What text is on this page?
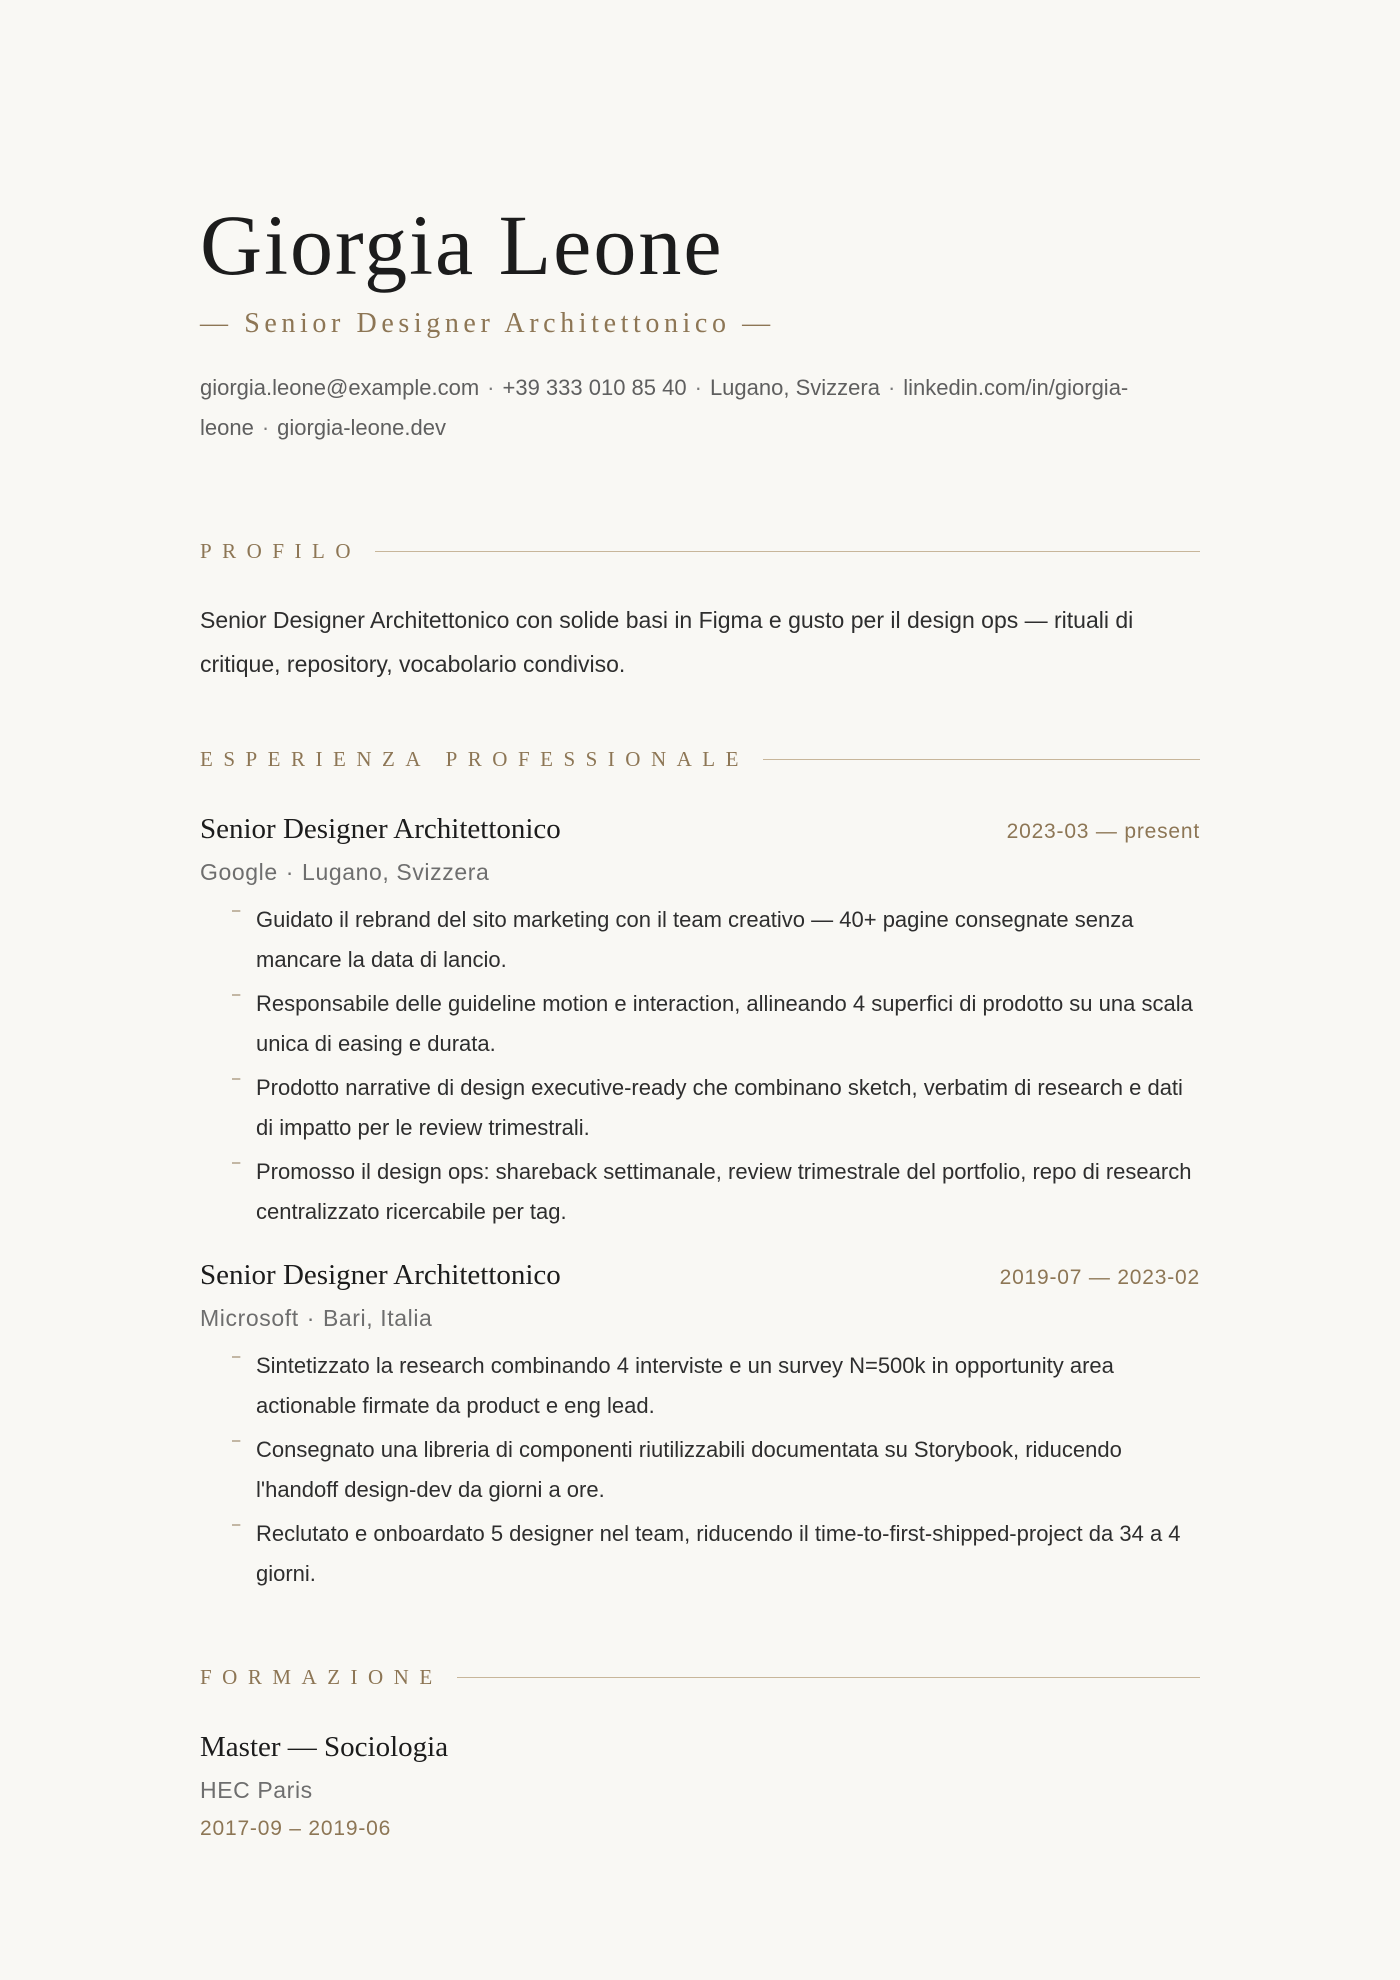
Giorgia Leone
— Senior Designer Architettonico —
giorgia.leone@example.com · +39 333 010 85 40 · Lugano, Svizzera · linkedin.com/in/giorgia-leone · giorgia-leone.dev
PROFILO

Senior Designer Architettonico con solide basi in Figma e gusto per il design ops — rituali di critique, repository, vocabolario condiviso.

ESPERIENZA PROFESSIONALE
Senior Designer Architettonico	2023-03 — present
Google · Lugano, Svizzera
– Guidato il rebrand del sito marketing con il team creativo — 40+ pagine consegnate senza mancare la data di lancio.
– Responsabile delle guideline motion e interaction, allineando 4 superfici di prodotto su una scala unica di easing e durata.
– Prodotto narrative di design executive-ready che combinano sketch, verbatim di research e dati di impatto per le review trimestrali.
– Promosso il design ops: shareback settimanale, review trimestrale del portfolio, repo di research centralizzato ricercabile per tag.
Senior Designer Architettonico	2019-07 — 2023-02
Microsoft · Bari, Italia
– Sintetizzato la research combinando 4 interviste e un survey N=500k in opportunity area actionable firmate da product e eng lead.
– Consegnato una libreria di componenti riutilizzabili documentata su Storybook, riducendo l'handoff design-dev da giorni a ore.
– Reclutato e onboardato 5 designer nel team, riducendo il time-to-first-shipped-project da 34 a 4 giorni.
FORMAZIONE
Master — Sociologia
HEC Paris
2017-09 – 2019-06
